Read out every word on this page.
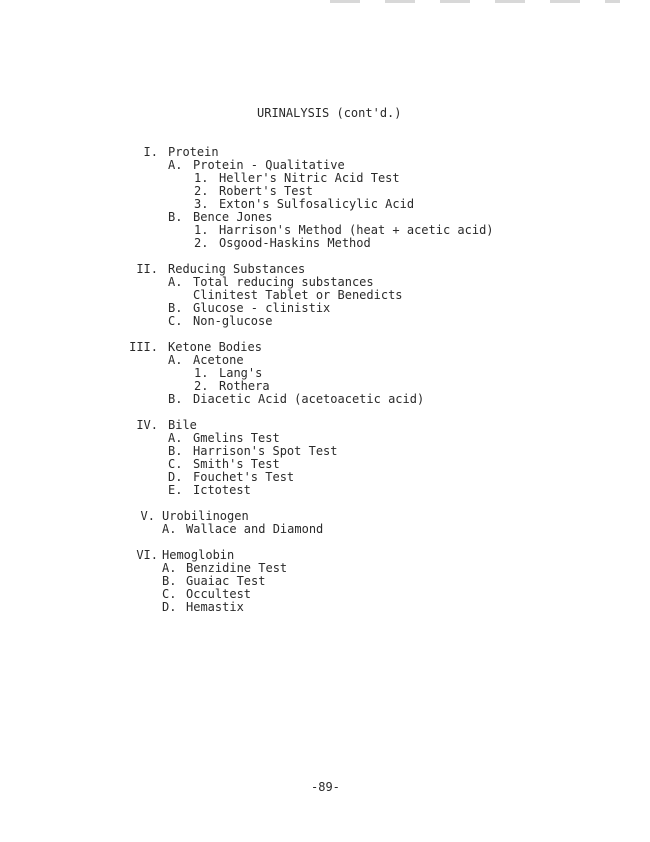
URINALYSIS (cont'd.)
I. Protein
A. Protein - Qualitative
1. Heller's Nitric Acid Test
2. Robert's Test
3. Exton's Sulfosalicylic Acid
B. Bence Jones
1. Harrison's Method (heat + acetic acid)
2. Osgood-Haskins Method
II. Reducing Substances
A. Total reducing substances
Clinitest Tablet or Benedicts
B. Glucose - clinistix
C. Non-glucose
III. Ketone Bodies
A. Acetone
1. Lang's
2. Rothera
B. Diacetic Acid (acetoacetic acid)
IV. Bile
A. Gmelins Test
B. Harrison's Spot Test
C. Smith's Test
D. Fouchet's Test
E. Ictotest
V. Urobilinogen
A. Wallace and Diamond
VI. Hemoglobin
A. Benzidine Test
B. Guaiac Test
C. Occultest
D. Hemastix
-89-
